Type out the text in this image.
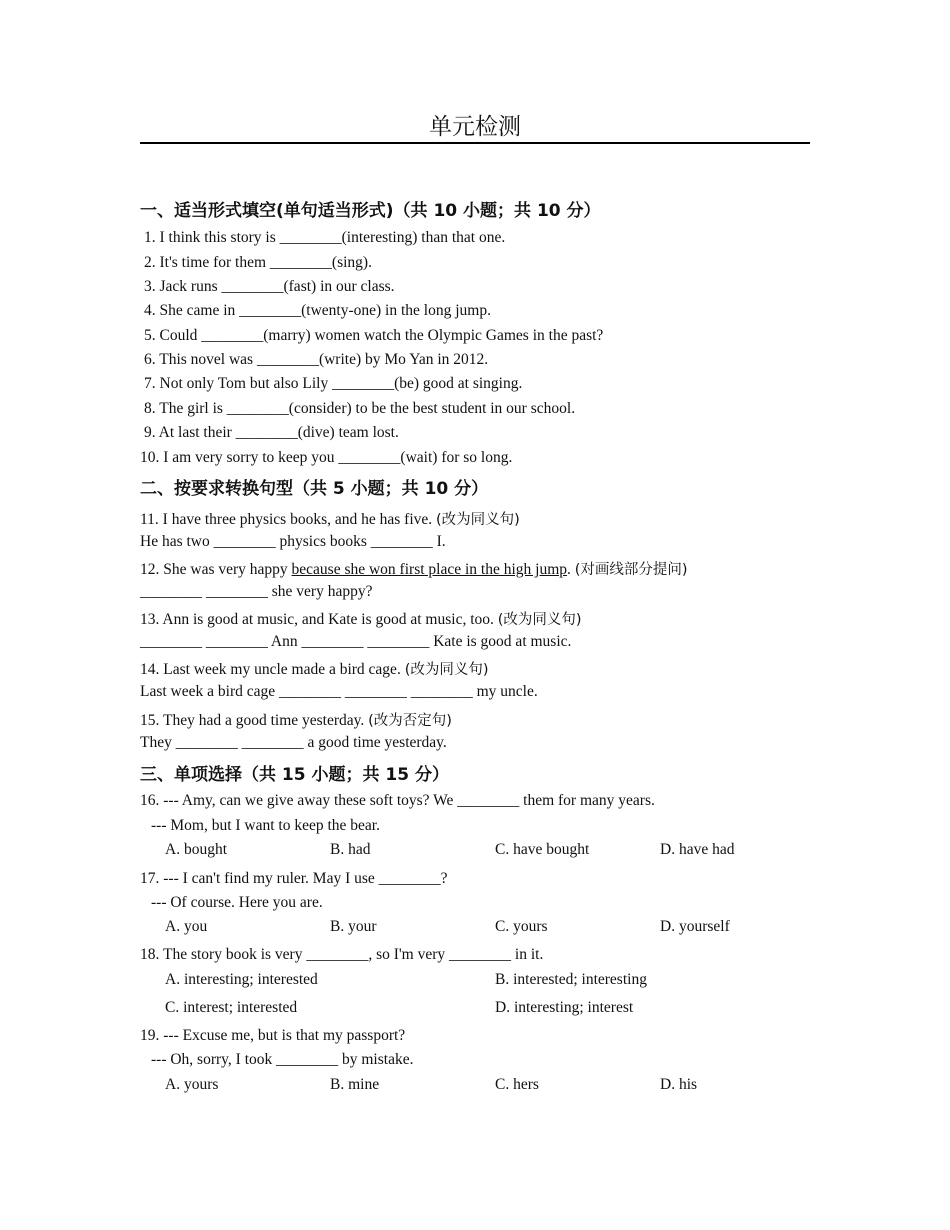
单元检测
一、适当形式填空(单句适当形式)（共 10 小题；共 10 分）
1. I think this story is ________(interesting) than that one.
2. It's time for them ________(sing).
3. Jack runs ________(fast) in our class.
4. She came in ________(twenty-one) in the long jump.
5. Could ________(marry) women watch the Olympic Games in the past?
6. This novel was ________(write) by Mo Yan in 2012.
7. Not only Tom but also Lily ________(be) good at singing.
8. The girl is ________(consider) to be the best student in our school.
9. At last their ________(dive) team lost.
10. I am very sorry to keep you ________(wait) for so long.
二、按要求转换句型（共 5 小题；共 10 分）
11. I have three physics books, and he has five. (改为同义句)
He has two ________ physics books ________ I.
12. She was very happy because she won first place in the high jump. (对画线部分提问)
________ ________ she very happy?
13. Ann is good at music, and Kate is good at music, too. (改为同义句)
________ ________ Ann ________ ________ Kate is good at music.
14. Last week my uncle made a bird cage. (改为同义句)
Last week a bird cage ________ ________ ________ my uncle.
15. They had a good time yesterday. (改为否定句)
They ________ ________ a good time yesterday.
三、单项选择（共 15 小题；共 15 分）
16. --- Amy, can we give away these soft toys? We ________ them for many years.
--- Mom, but I want to keep the bear.
A. bought	B. had	C. have bought	D. have had
17. --- I can't find my ruler. May I use ________?
--- Of course. Here you are.
A. you	B. your	C. yours	D. yourself
18. The story book is very ________, so I'm very ________ in it.
A. interesting; interested	B. interested; interesting
C. interest; interested	D. interesting; interest
19. --- Excuse me, but is that my passport?
--- Oh, sorry, I took ________ by mistake.
A. yours	B. mine	C. hers	D. his
